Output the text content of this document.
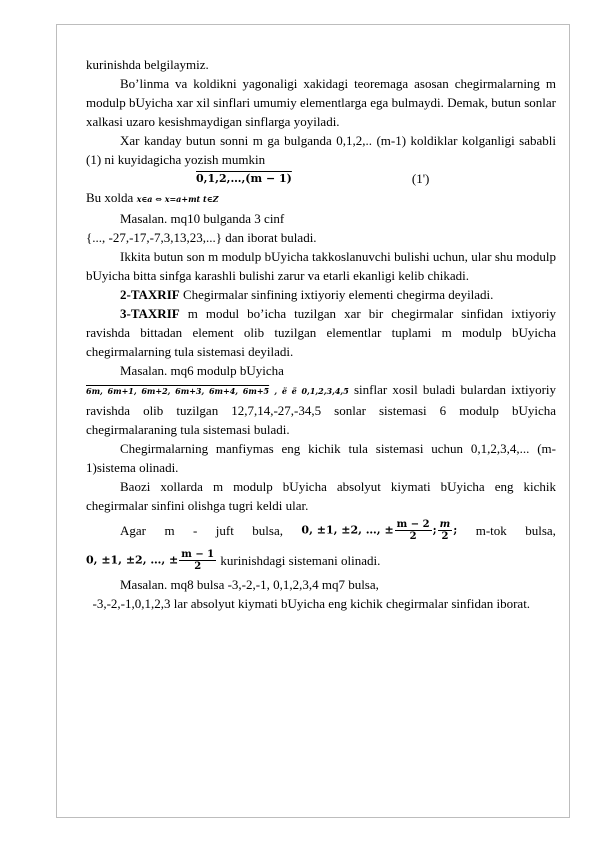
kurinishda belgilaymiz.

Bo’linma va koldikni yagonaligi xakidagi teoremaga asosan chegirmalarning m modulp bUyicha xar xil sinflari umumiy elementlarga ega bulmaydi. Demak, butun sonlar xalkasi uzaro kesishmaydigan sinflarga yoyiladi.

Xar kanday butun sonni m ga bulganda 0,1,2,.. (m-1) koldiklar kolganligi sababli (1) ni kuyidagicha yozish mumkin

0,1,2,…,(m − 1)	(1')

Bu xolda x∈a ⇔ x=a+mt t∈Z

Masalan. mq10 bulganda 3 cinf

{..., -27,-17,-7,3,13,23,...} dan iborat buladi.

Ikkita butun son m modulp bUyicha takkoslanuvchi bulishi uchun, ular shu modulp bUyicha bitta sinfga karashli bulishi zarur va etarli ekanligi kelib chikadi.

2-TAXRIF Chegirmalar sinfining ixtiyoriy elementi chegirma deyiladi.

3-TAXRIF m modul bo’icha tuzilgan xar bir chegirmalar sinfidan ixtiyoriy ravishda bittadan element olib tuzilgan elementlar tuplami m modulp bUyicha chegirmalarning tula sistemasi deyiladi.

Masalan. mq6 modulp bUyicha

6m, 6m+1, 6m+2, 6m+3, 6m+4, 6m+5 , ё ё 0,1,2,3,4,5 sinflar xosil buladi bulardan ixtiyoriy ravishda olib tuzilgan 12,7,14,-27,-34,5 sonlar sistemasi 6 modulp bUyicha chegirmalaraning tula sistemasi buladi.

Chegirmalarning manfiymas eng kichik tula sistemasi uchun 0,1,2,3,4,... (m-1)sistema olinadi.

Baozi xollarda m modulp bUyicha absolyut kiymati bUyicha eng kichik chegirmalar sinfini olishga tugri keldi ular.

Agar m - juft bulsa, 0, ±1, ±2, …, ± $\frac{m - 2}{2}$ ; $\frac{m}{2}$ ; m-tok bulsa,
0, ±1, ±2, …, ± $\frac{m - 1}{2}$ kurinishdagi sistemani olinadi.

Masalan. mq8 bulsa -3,-2,-1, 0,1,2,3,4 mq7 bulsa,

-3,-2,-1,0,1,2,3 lar absolyut kiymati bUyicha eng kichik chegirmalar sinfidan iborat.
